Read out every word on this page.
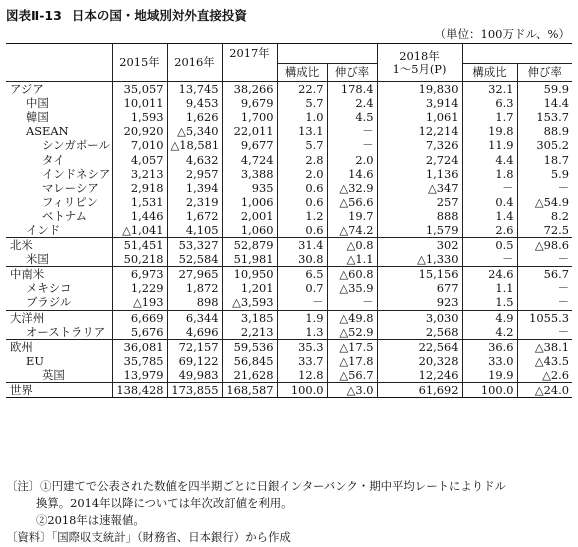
図表Ⅱ-13 日本の国・地域別対外直接投資
（単位：100万ドル、%）
	2015年	2016年	2017年			2018年
1～5月(P)		

				構成比	伸び率		構成比	伸び率
アジア	35,057	13,745	38,266	22.7	178.4	19,830	32.1	59.9
中国	10,011	9,453	9,679	5.7	2.4	3,914	6.3	14.4
韓国	1,593	1,626	1,700	1.0	4.5	1,061	1.7	153.7
ASEAN	20,920	△5,340	22,011	13.1	－	12,214	19.8	88.9
シンガポール	7,010	△18,581	9,677	5.7	－	7,326	11.9	305.2
タイ	4,057	4,632	4,724	2.8	2.0	2,724	4.4	18.7
インドネシア	3,213	2,957	3,388	2.0	14.6	1,136	1.8	5.9
マレーシア	2,918	1,394	935	0.6	△32.9	△347	－	－
フィリピン	1,531	2,319	1,006	0.6	△56.6	257	0.4	△54.9
ベトナム	1,446	1,672	2,001	1.2	19.7	888	1.4	8.2
インド	△1,041	4,105	1,060	0.6	△74.2	1,579	2.6	72.5
北米	51,451	53,327	52,879	31.4	△0.8	302	0.5	△98.6
米国	50,218	52,584	51,981	30.8	△1.1	△1,330	－	－
中南米	6,973	27,965	10,950	6.5	△60.8	15,156	24.6	56.7
メキシコ	1,229	1,872	1,201	0.7	△35.9	677	1.1	－
ブラジル	△193	898	△3,593	－	－	923	1.5	－
大洋州	6,669	6,344	3,185	1.9	△49.8	3,030	4.9	1055.3
オーストラリア	5,676	4,696	2,213	1.3	△52.9	2,568	4.2	－
欧州	36,081	72,157	59,536	35.3	△17.5	22,564	36.6	△38.1
EU	35,785	69,122	56,845	33.7	△17.8	20,328	33.0	△43.5
英国	13,979	49,983	21,628	12.8	△56.7	12,246	19.9	△2.6
世界	138,428	173,855	168,587	100.0	△3.0	61,692	100.0	△24.0
〔注〕①円建てで公表された数値を四半期ごとに日銀インターバンク・期中平均レートによりドル
換算。2014年以降については年次改訂値を利用。
②2018年は速報値。
〔資料〕「国際収支統計」（財務省、日本銀行）から作成
